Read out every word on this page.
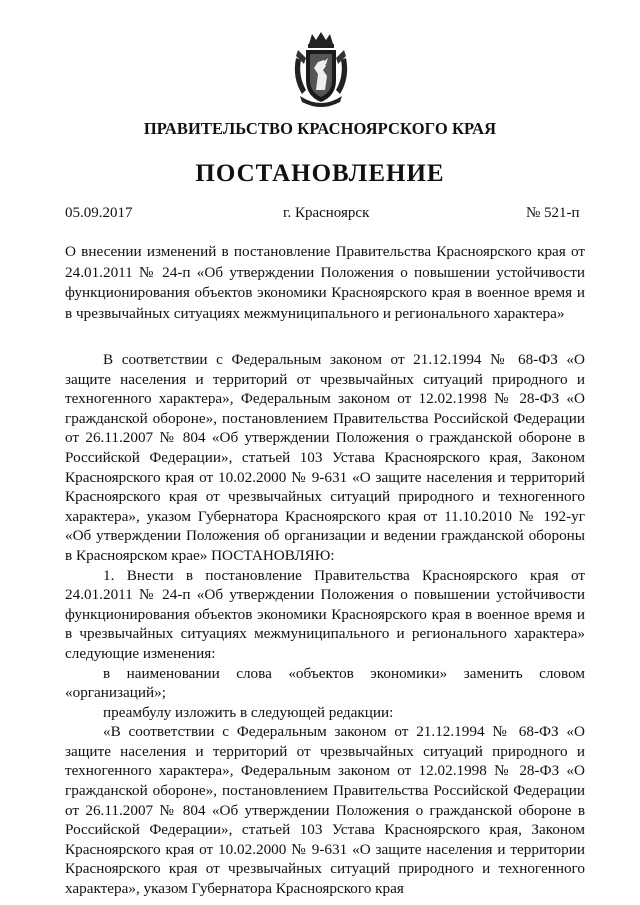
ПРАВИТЕЛЬСТВО КРАСНОЯРСКОГО КРАЯ
ПОСТАНОВЛЕНИЕ
05.09.2017	г. Красноярск	№ 521-п
О внесении изменений в постановление Правительства Красноярского края от 24.01.2011 № 24-п «Об утверждении Положения о повышении устойчивости функционирования объектов экономики Красноярского края в военное время и в чрезвычайных ситуациях межмуниципального и регионального характера»

В соответствии с Федеральным законом от 21.12.1994 № 68-ФЗ «О защите населения и территорий от чрезвычайных ситуаций природного и техногенного характера», Федеральным законом от 12.02.1998 № 28-ФЗ «О гражданской обороне», постановлением Правительства Российской Федерации от 26.11.2007 № 804 «Об утверждении Положения о гражданской обороне в Российской Федерации», статьей 103 Устава Красноярского края, Законом Красноярского края от 10.02.2000 № 9-631 «О защите населения и территорий Красноярского края от чрезвычайных ситуаций природного и техногенного характера», указом Губернатора Красноярского края от 11.10.2010 № 192-уг «Об утверждении Положения об организации и ведении гражданской обороны в Красноярском крае» ПОСТАНОВЛЯЮ:

1. Внести в постановление Правительства Красноярского края от 24.01.2011 № 24-п «Об утверждении Положения о повышении устойчивости функционирования объектов экономики Красноярского края в военное время и в чрезвычайных ситуациях межмуниципального и регионального характера» следующие изменения:

в наименовании слова «объектов экономики» заменить словом «организаций»;

преамбулу изложить в следующей редакции:

«В соответствии с Федеральным законом от 21.12.1994 № 68-ФЗ «О защите населения и территорий от чрезвычайных ситуаций природного и техногенного характера», Федеральным законом от 12.02.1998 № 28-ФЗ «О гражданской обороне», постановлением Правительства Российской Федерации от 26.11.2007 № 804 «Об утверждении Положения о гражданской обороне в Российской Федерации», статьей 103 Устава Красноярского края, Законом Красноярского края от 10.02.2000 № 9-631 «О защите населения и территории Красноярского края от чрезвычайных ситуаций природного и техногенного характера», указом Губернатора Красноярского края
